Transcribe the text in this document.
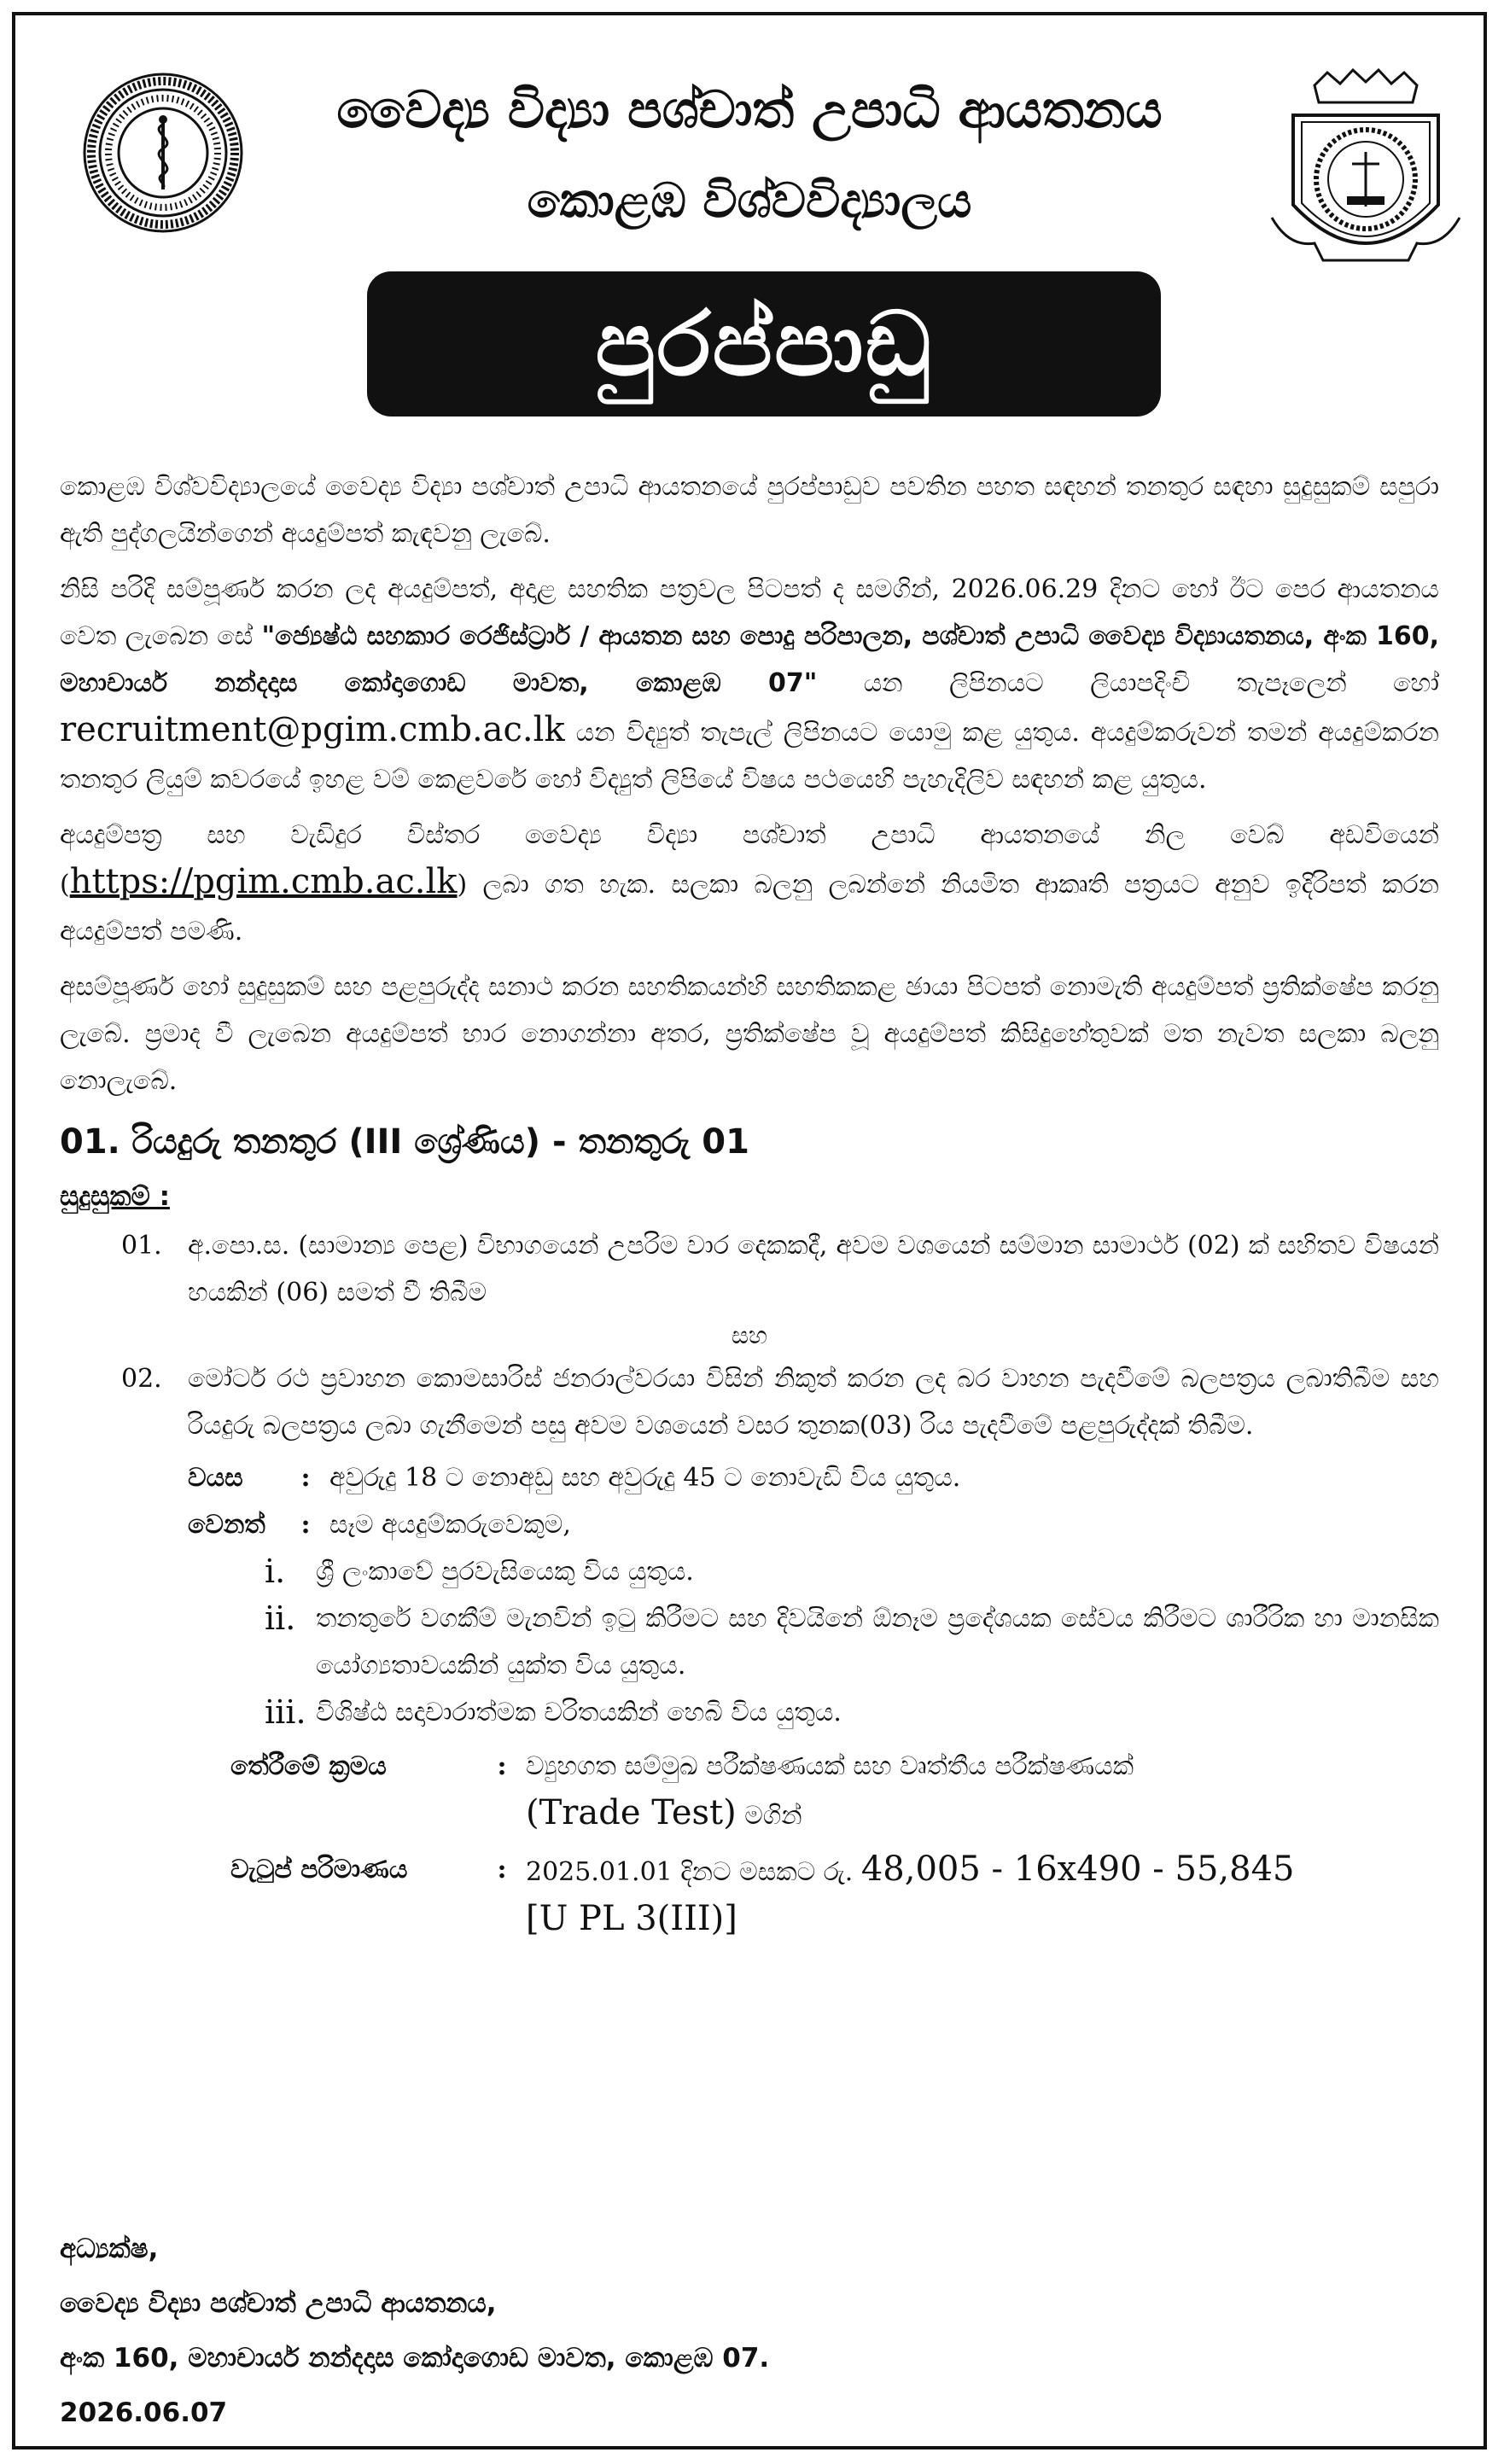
වෛද්‍ය විද්‍යා පශ්චාත් උපාධි ආයතනය
කොළඹ විශ්වවිද්‍යාලය
පුරප්පාඩු

කොළඹ විශ්වවිද්‍යාලයේ වෛද්‍ය විද්‍යා පශ්චාත් උපාධි ආයතනයේ පුරප්පාඩුව පවතින පහත සඳහන් තනතුර සඳහා සුදුසුකම් සපුරා ඇති පුද්ගලයින්ගෙන් අයදුම්පත් කැඳවනු ලැබේ.

නිසි පරිදි සම්පූර්ණ කරන ලද අයදුම්පත්, අදාළ සහතික පත්‍රවල පිටපත් ද සමගින්, 2026.06.29 දිනට හෝ ඊට පෙර ආයතනය වෙත ලැබෙන සේ "ජ්‍යෙෂ්ඨ සහකාර රෙජිස්ට්‍රාර් / ආයතන සහ පොදු පරිපාලන, පශ්චාත් උපාධි වෛද්‍ය විද්‍යායතනය, අංක 160, මහාචාර්ය නන්දදාස කෝදාගොඩ මාවත, කොළඹ 07" යන ලිපිනයට ලියාපදිංචි තැපෑලෙන් හෝ recruitment@pgim.cmb.ac.lk යන විද්‍යුත් තැපැල් ලිපිනයට යොමු කළ යුතුය. අයදුම්කරුවන් තමන් අයදුම්කරන තනතුර ලියුම් කවරයේ ඉහළ වම් කෙළවරේ හෝ විද්‍යුත් ලිපියේ විෂය පථයෙහි පැහැදිලිව සඳහන් කළ යුතුය.

අයදුම්පත්‍ර සහ වැඩිදුර විස්තර වෛද්‍ය විද්‍යා පශ්චාත් උපාධි ආයතනයේ නිල වෙබ් අඩවියෙන් (https://pgim.cmb.ac.lk) ලබා ගත හැක. සලකා බලනු ලබන්නේ නියමිත ආකෘති පත්‍රයට අනුව ඉදිරිපත් කරන අයදුම්පත් පමණි.

අසම්පූර්ණ හෝ සුදුසුකම් සහ පළපුරුද්ද සනාථ කරන සහතිකයන්හි සහතිකකළ ඡායා පිටපත් නොමැති අයදුම්පත් ප්‍රතික්ෂේප කරනු ලැබේ. ප්‍රමාද වී ලැබෙන අයදුම්පත් භාර නොගන්නා අතර, ප්‍රතික්ෂේප වූ අයදුම්පත් කිසිදුහේතුවක් මත නැවත සලකා බලනු නොලැබේ.

01. රියදුරු තනතුර (III ශ්‍රේණිය) - තනතුරු 01
සුදුසුකම් :
01.	අ.පො.ස. (සාමාන්‍ය පෙළ) විභාගයෙන් උපරිම වාර දෙකකදී, අවම වශයෙන් සම්මාන සාමාර්ථ (02) ක් සහිතව විෂයන් හයකින් (06) සමත් වී තිබීම
සහ
02.	මෝටර් රථ ප්‍රවාහන කොමසාරිස් ජනරාල්වරයා විසින් නිකුත් කරන ලද බර වාහන පැදවීමේ බලපත්‍රය ලබාතිබීම සහ රියදුරු බලපත්‍රය ලබා ගැනීමෙන් පසු අවම වශයෙන් වසර තුනක(03) රිය පැදවීමේ පළපුරුද්දක් තිබීම.
වයස	: අවුරුදු 18 ට නොඅඩු සහ අවුරුදු 45 ට නොවැඩි විය යුතුය.
වෙනත්	: සෑම අයදුම්කරුවෙකුම,
i.	ශ්‍රී ලංකාවේ පුරවැසියෙකු විය යුතුය.
ii. තනතුරේ වගකීම් මැනවින් ඉටු කිරීමට සහ දිවයිනේ ඕනෑම ප්‍රදේශයක සේවය කිරීමට ශාරීරික හා මානසික යෝග්‍යතාවයකින් යුක්ත විය යුතුය.
iii. විශිෂ්ඨ සදාචාරාත්මක චරිතයකින් හෙබි විය යුතුය.
තේරීමේ ක්‍රමය	: ව්‍යුහගත සම්මුඛ පරීක්ෂණයක් සහ වෘත්තීය පරීක්ෂණයක්
(Trade Test) මගින්
වැටුප් පරිමාණය	: 2025.01.01 දිනට මසකට රු. 48,005 - 16x490 - 55,845
[U PL 3(III)]
අධ්‍යක්ෂ,
වෛද්‍ය විද්‍යා පශ්චාත් උපාධි ආයතනය,
අංක 160, මහාචාර්ය නන්දදාස කෝදාගොඩ මාවත, කොළඹ 07.
2026.06.07
